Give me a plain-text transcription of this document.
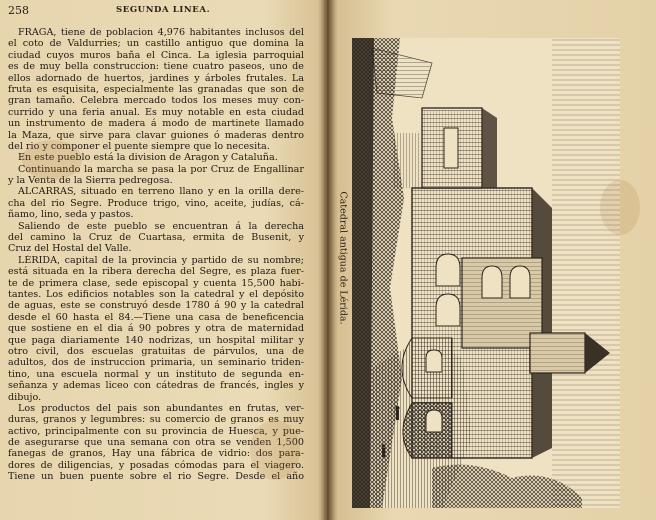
258	SEGUNDA LINEA.
FRAGA, tiene de poblacion 4,976 habitantes inclusos del
el coto de Valdurries; un castillo antiguo que domina la
ciudad cuyos muros baña el Cinca. La iglesia parroquial
es de muy bella construccion: tiene cuatro paseos, uno de
ellos adornado de huertos, jardines y árboles frutales. La
fruta es esquisita, especialmente las granadas que son de
gran tamaño. Celebra mercado todos los meses muy con-
currido y una feria anual. Es muy notable en esta ciudad
un instrumento de madera á modo de martinete llamado
la Maza, que sirve para clavar guiones ó maderas dentro
del rio y componer el puente siempre que lo necesita.
En este pueblo está la division de Aragon y Cataluña.
Continuando la marcha se pasa la por Cruz de Engallinar
y la Venta de la Sierra pedregosa.
ALCARRAS, situado en terreno llano y en la orilla dere-
cha del rio Segre. Produce trigo, vino, aceite, judías, cá-
ñamo, lino, seda y pastos.
Saliendo de este pueblo se encuentran á la derecha
del camino la Cruz de Cuartasa, ermita de Busenit, y
Cruz del Hostal del Valle.
LÉRIDA, capital de la provincia y partido de su nombre;
está situada en la ribera derecha del Segre, es plaza fuer-
te de primera clase, sede episcopal y cuenta 15,500 habi-
tantes. Los edificios notables son la catedral y el depósito
de aguas, este se construyó desde 1780 á 90 y la catedral
desde el 60 hasta el 84.—Tiene una casa de beneficencia
que sostiene en el dia á 90 pobres y otra de maternidad
que paga diariamente 140 nodrizas, un hospital militar y
otro civil, dos escuelas gratuitas de párvulos, una de
adultos, dos de instruccion primaria, un seminario triden-
tino, una escuela normal y un instituto de segunda en-
señanza y ademas liceo con cátedras de francés, ingles y
dibujo.
Los productos del pais son abundantes en frutas, ver-
duras, granos y legumbres: su comercio de granos es muy
activo, principalmente con su provincia de Huesca, y pue-
de asegurarse que una semana con otra se venden 1,500
fanegas de granos, Hay una fábrica de vidrio: dos para-
dores de diligencias, y posadas cómodas para el viagero.
Tiene un buen puente sobre el rio Segre. Desde el año
Catedral antigua de Lérida.
